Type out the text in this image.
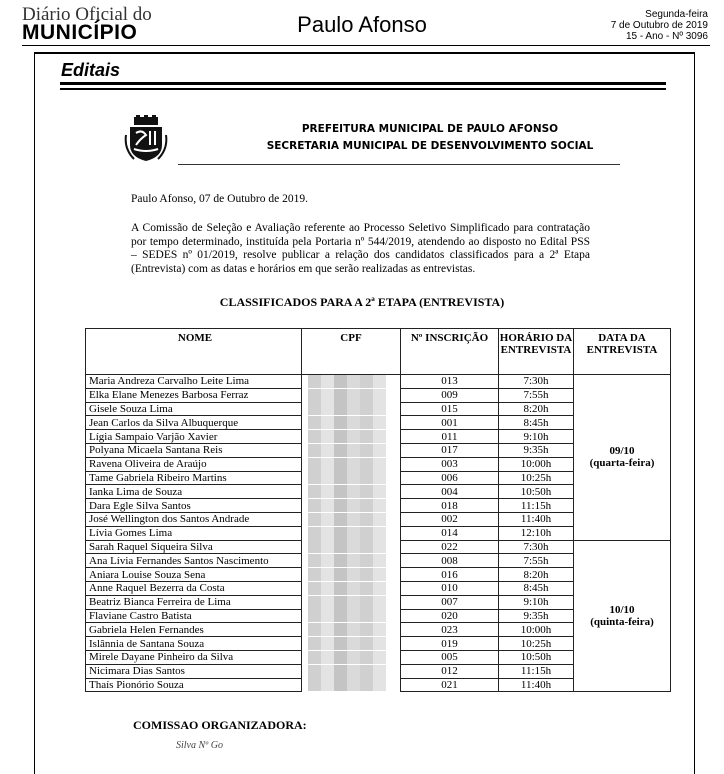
Diário Oficial do
MUNICÍPIO	Paulo Afonso	Segunda-feira
7 de Outubro de 2019
15 - Ano - Nº 3096
Editais
PREFEITURA MUNICIPAL DE PAULO AFONSO
SECRETARIA MUNICIPAL DE DESENVOLVIMENTO SOCIAL
Paulo Afonso, 07 de Outubro de 2019.
A Comissão de Seleção e Avaliação referente ao Processo Seletivo Simplificado para contratação por tempo determinado, instituída pela Portaria nº 544/2019, atendendo ao disposto no Edital PSS – SEDES nº 01/2019, resolve publicar a relação dos candidatos classificados para a 2ª Etapa (Entrevista) com as datas e horários em que serão realizadas as entrevistas.
CLASSIFICADOS PARA A 2ª ETAPA (ENTREVISTA)
NOME	CPF	Nº INSCRIÇÃO	HORÁRIO DA ENTREVISTA	DATA DA ENTREVISTA
Maria Andreza Carvalho Leite Lima		013	7:30h	09/10
(quarta-feira)

Elka Elane Menezes Barbosa Ferraz		009	7:55h	
Gisele Souza Lima		015	8:20h	
Jean Carlos da Silva Albuquerque		001	8:45h	
Lígia Sampaio Varjão Xavier		011	9:10h	
Polyana Micaela Santana Reis		017	9:35h	
Ravena Oliveira de Araújo		003	10:00h	
Tame Gabriela Ribeiro Martins		006	10:25h	
Ianka Lima de Souza		004	10:50h	
Dara Egle Silva Santos		018	11:15h	
José Wellington dos Santos Andrade		002	11:40h	
Lívia Gomes Lima		014	12:10h	
Sarah Raquel Siqueira Silva		022	7:30h	10/10
(quinta-feira)

Ana Lívia Fernandes Santos Nascimento		008	7:55h	
Aniara Louise Souza Sena		016	8:20h	
Anne Raquel Bezerra da Costa		010	8:45h	
Beatriz Bianca Ferreira de Lima		007	9:10h	
Flaviane Castro Batista		020	9:35h	
Gabriela Helen Fernandes		023	10:00h	
Islânnia de Santana Souza		019	10:25h	
Mirele Dayane Pinheiro da Silva		005	10:50h	
Nicimara Dias Santos		012	11:15h	
Thaís Pionório Souza		021	11:40h	
COMISSAO ORGANIZADORA:
Silva Nº Go
